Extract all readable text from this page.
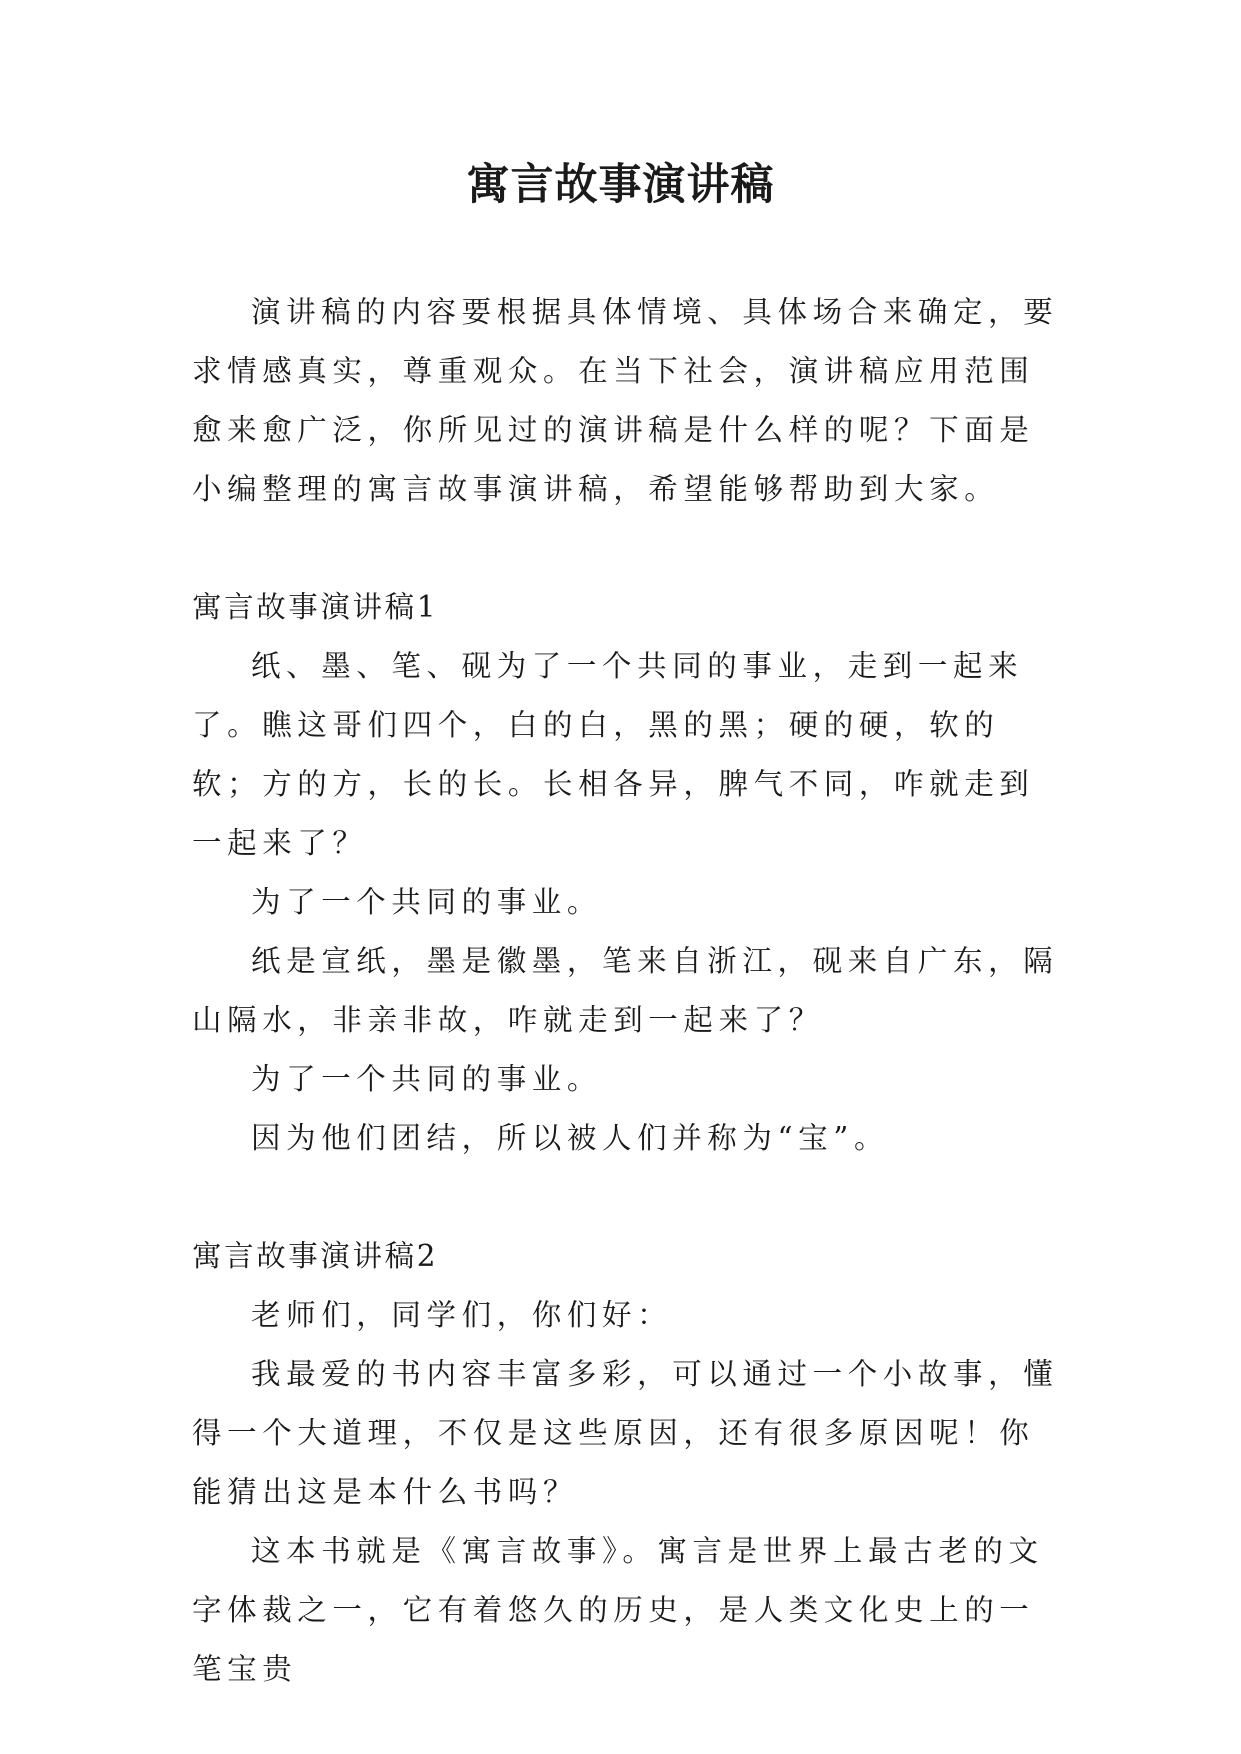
寓言故事演讲稿

演讲稿的内容要根据具体情境、具体场合来确定，要求情感真实，尊重观众。在当下社会，演讲稿应用范围愈来愈广泛，你所见过的演讲稿是什么样的呢？下面是小编整理的寓言故事演讲稿，希望能够帮助到大家。

寓言故事演讲稿1

纸、墨、笔、砚为了一个共同的事业，走到一起来了。瞧这哥们四个，白的白，黑的黑；硬的硬，软的软；方的方，长的长。长相各异，脾气不同，咋就走到一起来了？

为了一个共同的事业。

纸是宣纸，墨是徽墨，笔来自浙江，砚来自广东，隔山隔水，非亲非故，咋就走到一起来了？

为了一个共同的事业。

因为他们团结，所以被人们并称为“宝”。

寓言故事演讲稿2

老师们，同学们，你们好：

我最爱的书内容丰富多彩，可以通过一个小故事，懂得一个大道理，不仅是这些原因，还有很多原因呢！你能猜出这是本什么书吗？

这本书就是《寓言故事》。寓言是世界上最古老的文字体裁之一，它有着悠久的历史，是人类文化史上的一笔宝贵
